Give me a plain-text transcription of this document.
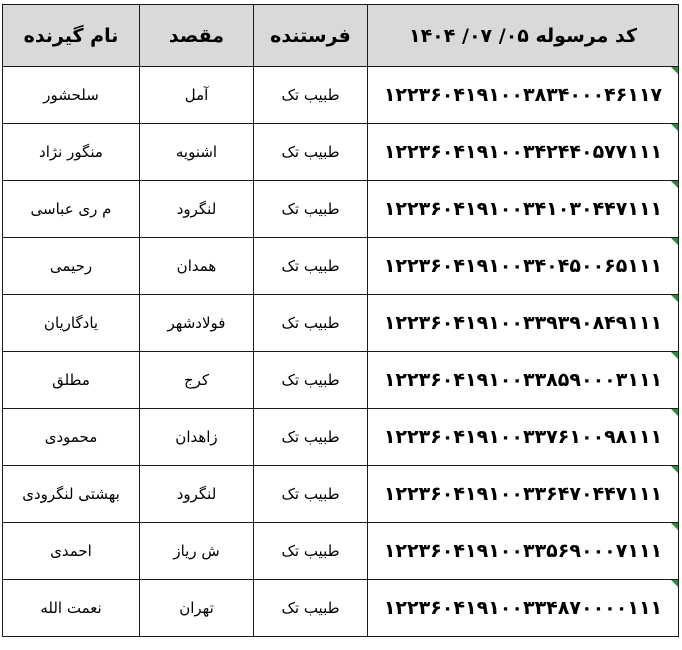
کد مرسوله ۰۵/ ۰۷/ ۱۴۰۴	فرستنده	مقصد	نام گیرنده
۱۲۲۳۶۰۴۱۹۱۰۰۳۸۳۴۰۰۰۴۶۱۱۷	طبیب تک	آمل	سلحشور
۱۲۲۳۶۰۴۱۹۱۰۰۳۴۲۴۴۰۵۷۷۱۱۱	طبیب تک	اشنویه	منگور نژاد
۱۲۲۳۶۰۴۱۹۱۰۰۳۴۱۰۳۰۴۴۷۱۱۱	طبیب تک	لنگرود	م ری عباسی
۱۲۲۳۶۰۴۱۹۱۰۰۳۴۰۴۵۰۰۶۵۱۱۱	طبیب تک	همدان	رحیمی
۱۲۲۳۶۰۴۱۹۱۰۰۳۳۹۳۹۰۸۴۹۱۱۱	طبیب تک	فولادشهر	یادگاریان
۱۲۲۳۶۰۴۱۹۱۰۰۳۳۸۵۹۰۰۰۳۱۱۱	طبیب تک	کرج	مطلق
۱۲۲۳۶۰۴۱۹۱۰۰۳۳۷۶۱۰۰۹۸۱۱۱	طبیب تک	زاهدان	محمودی
۱۲۲۳۶۰۴۱۹۱۰۰۳۳۶۴۷۰۴۴۷۱۱۱	طبیب تک	لنگرود	بهشتی لنگرودی
۱۲۲۳۶۰۴۱۹۱۰۰۳۳۵۶۹۰۰۰۷۱۱۱	طبیب تک	ش ریاز	احمدی
۱۲۲۳۶۰۴۱۹۱۰۰۳۳۴۸۷۰۰۰۰۱۱۱	طبیب تک	تهران	نعمت الله
